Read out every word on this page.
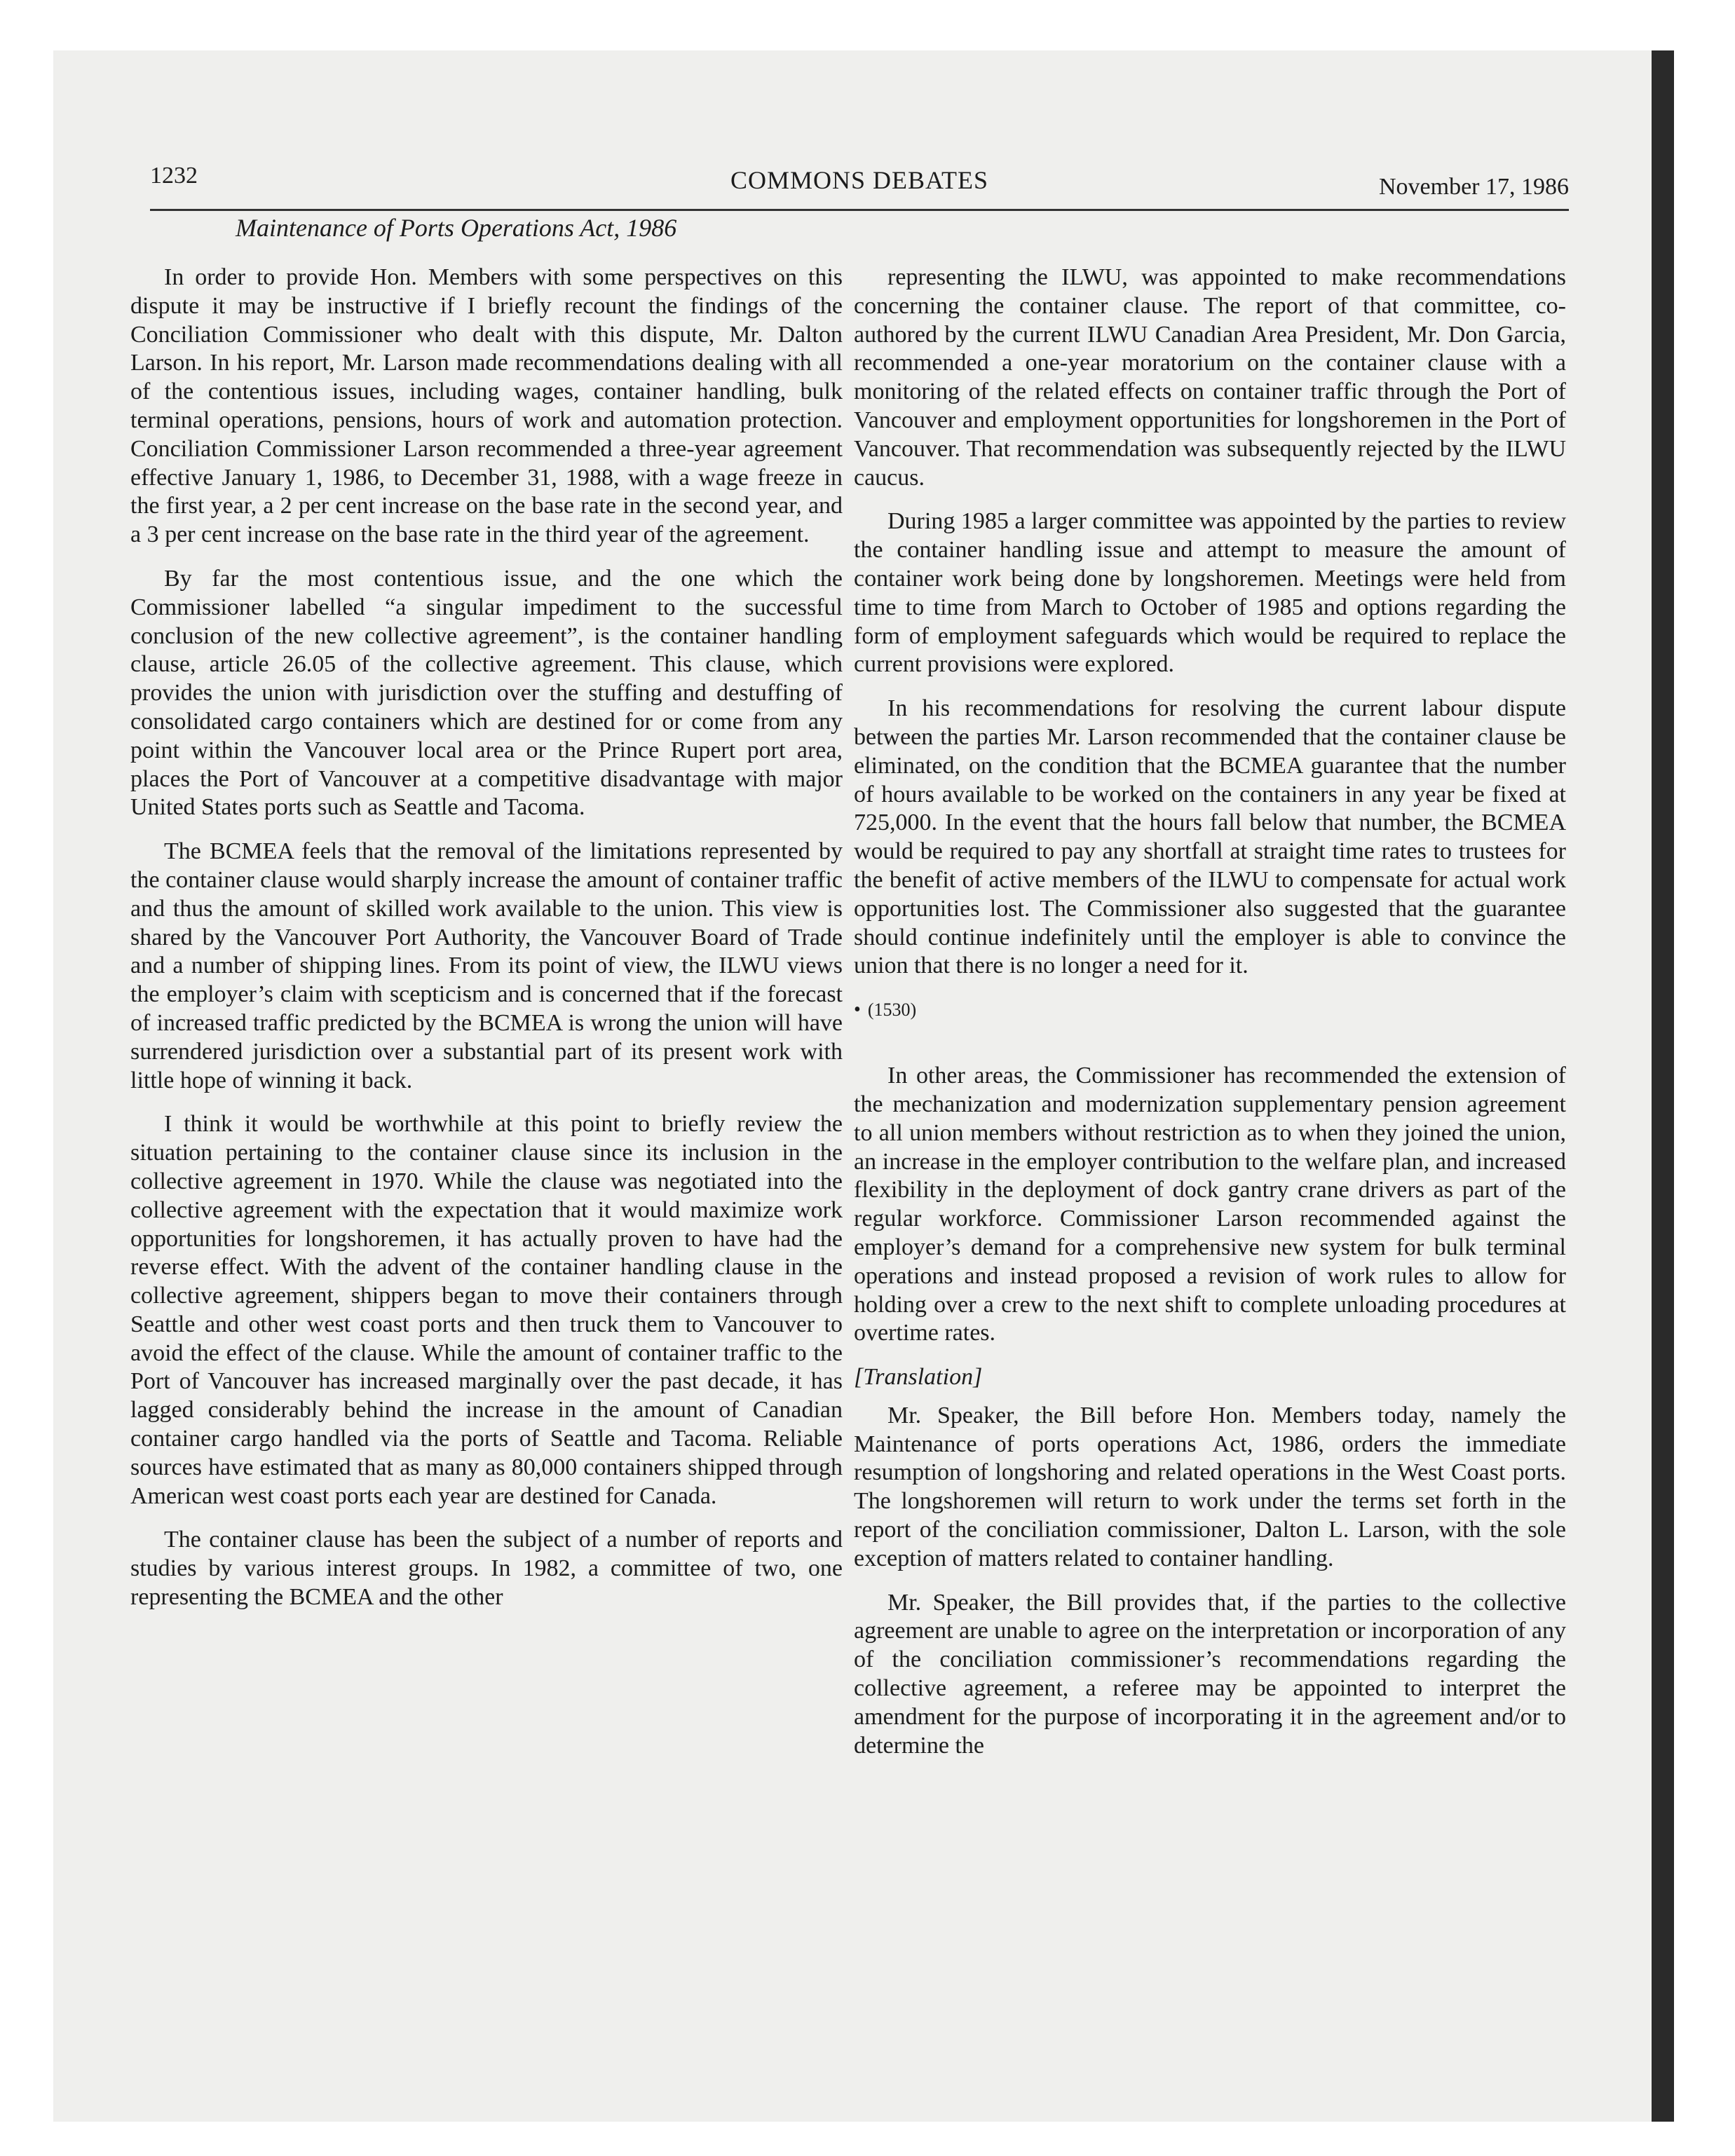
1232	COMMONS DEBATES	November 17, 1986
Maintenance of Ports Operations Act, 1986

In order to provide Hon. Members with some perspectives on this dispute it may be instructive if I briefly recount the findings of the Conciliation Commissioner who dealt with this dispute, Mr. Dalton Larson. In his report, Mr. Larson made recommendations dealing with all of the contentious issues, including wages, container handling, bulk terminal operations, pensions, hours of work and automation protection. Conciliation Commissioner Larson recommended a three-year agreement effective January 1, 1986, to December 31, 1988, with a wage freeze in the first year, a 2 per cent increase on the base rate in the second year, and a 3 per cent increase on the base rate in the third year of the agreement.

By far the most contentious issue, and the one which the Commissioner labelled “a singular impediment to the successful conclusion of the new collective agreement”, is the container handling clause, article 26.05 of the collective agreement. This clause, which provides the union with jurisdiction over the stuffing and destuffing of consolidated cargo containers which are destined for or come from any point within the Vancouver local area or the Prince Rupert port area, places the Port of Vancouver at a competitive disadvantage with major United States ports such as Seattle and Tacoma.

The BCMEA feels that the removal of the limitations represented by the container clause would sharply increase the amount of container traffic and thus the amount of skilled work available to the union. This view is shared by the Vancouver Port Authority, the Vancouver Board of Trade and a number of shipping lines. From its point of view, the ILWU views the employer’s claim with scepticism and is concerned that if the forecast of increased traffic predicted by the BCMEA is wrong the union will have surrendered jurisdiction over a substantial part of its present work with little hope of winning it back.

I think it would be worthwhile at this point to briefly review the situation pertaining to the container clause since its inclusion in the collective agreement in 1970. While the clause was negotiated into the collective agreement with the expectation that it would maximize work opportunities for longshoremen, it has actually proven to have had the reverse effect. With the advent of the container handling clause in the collective agreement, shippers began to move their containers through Seattle and other west coast ports and then truck them to Vancouver to avoid the effect of the clause. While the amount of container traffic to the Port of Vancouver has increased marginally over the past decade, it has lagged considerably behind the increase in the amount of Canadian container cargo handled via the ports of Seattle and Tacoma. Reliable sources have estimated that as many as 80,000 containers shipped through American west coast ports each year are destined for Canada.

The container clause has been the subject of a number of reports and studies by various interest groups. In 1982, a committee of two, one representing the BCMEA and the other

representing the ILWU, was appointed to make recommendations concerning the container clause. The report of that committee, co-authored by the current ILWU Canadian Area President, Mr. Don Garcia, recommended a one-year moratorium on the container clause with a monitoring of the related effects on container traffic through the Port of Vancouver and employment opportunities for longshoremen in the Port of Vancouver. That recommendation was subsequently rejected by the ILWU caucus.

During 1985 a larger committee was appointed by the parties to review the container handling issue and attempt to measure the amount of container work being done by longshoremen. Meetings were held from time to time from March to October of 1985 and options regarding the form of employment safeguards which would be required to replace the current provisions were explored.

In his recommendations for resolving the current labour dispute between the parties Mr. Larson recommended that the container clause be eliminated, on the condition that the BCMEA guarantee that the number of hours available to be worked on the containers in any year be fixed at 725,000. In the event that the hours fall below that number, the BCMEA would be required to pay any shortfall at straight time rates to trustees for the benefit of active members of the ILWU to compensate for actual work opportunities lost. The Commissioner also suggested that the guarantee should continue indefinitely until the employer is able to convince the union that there is no longer a need for it.

• (1530)

In other areas, the Commissioner has recommended the extension of the mechanization and modernization supplementary pension agreement to all union members without restriction as to when they joined the union, an increase in the employer contribution to the welfare plan, and increased flexibility in the deployment of dock gantry crane drivers as part of the regular workforce. Commissioner Larson recommended against the employer’s demand for a comprehensive new system for bulk terminal operations and instead proposed a revision of work rules to allow for holding over a crew to the next shift to complete unloading procedures at overtime rates.

[Translation]

Mr. Speaker, the Bill before Hon. Members today, namely the Maintenance of ports operations Act, 1986, orders the immediate resumption of longshoring and related operations in the West Coast ports. The longshoremen will return to work under the terms set forth in the report of the conciliation commissioner, Dalton L. Larson, with the sole exception of matters related to container handling.

Mr. Speaker, the Bill provides that, if the parties to the collective agreement are unable to agree on the interpretation or incorporation of any of the conciliation commissioner’s recommendations regarding the collective agreement, a referee may be appointed to interpret the amendment for the purpose of incorporating it in the agreement and/or to determine the
